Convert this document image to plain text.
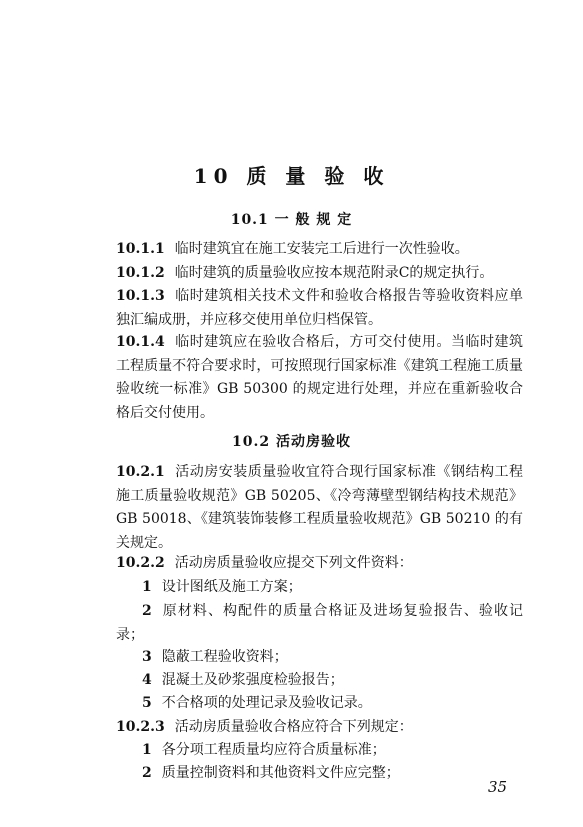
10 质 量 验 收
10.1 一 般 规 定
10.1.1 临时建筑宜在施工安装完工后进行一次性验收。
10.1.2 临时建筑的质量验收应按本规范附录C的规定执行。
10.1.3 临时建筑相关技术文件和验收合格报告等验收资料应单独汇编成册，并应移交使用单位归档保管。
10.1.4 临时建筑应在验收合格后，方可交付使用。当临时建筑工程质量不符合要求时，可按照现行国家标准《建筑工程施工质量验收统一标准》GB 50300 的规定进行处理，并应在重新验收合格后交付使用。
10.2 活动房验收
10.2.1 活动房安装质量验收宜符合现行国家标准《钢结构工程施工质量验收规范》GB 50205、《冷弯薄壁型钢结构技术规范》GB 50018、《建筑装饰装修工程质量验收规范》GB 50210 的有关规定。
10.2.2 活动房质量验收应提交下列文件资料：
1 设计图纸及施工方案；
2 原材料、构配件的质量合格证及进场复验报告、验收记录；
3 隐蔽工程验收资料；
4 混凝土及砂浆强度检验报告；
5 不合格项的处理记录及验收记录。
10.2.3 活动房质量验收合格应符合下列规定：
1 各分项工程质量均应符合质量标准；
2 质量控制资料和其他资料文件应完整；
35
